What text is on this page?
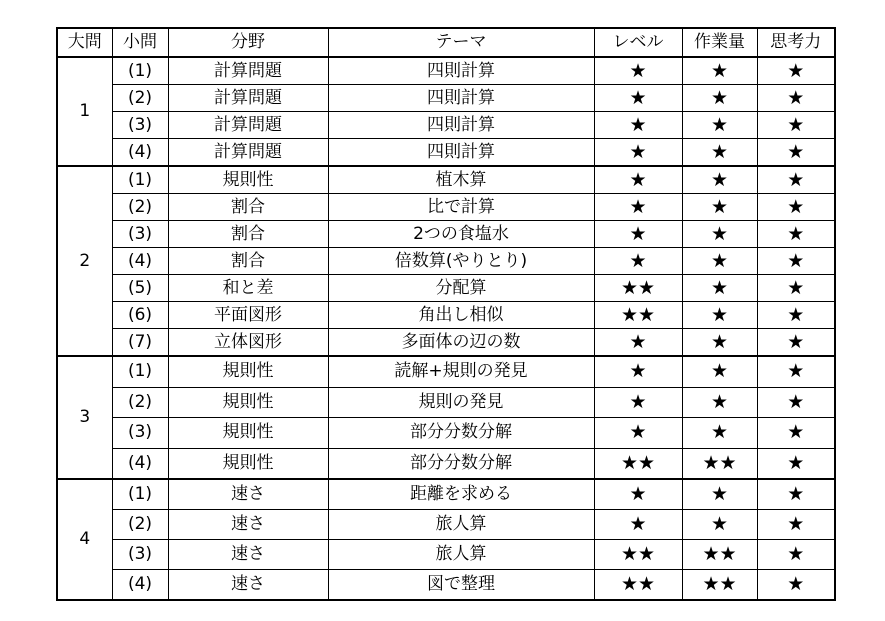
大問	小問	分野	テーマ	レベル	作業量	思考力
1	(1)	計算問題	四則計算	★	★	★
	(2)	計算問題	四則計算	★	★	★
	(3)	計算問題	四則計算	★	★	★
	(4)	計算問題	四則計算	★	★	★
2	(1)	規則性	植木算	★	★	★
	(2)	割合	比で計算	★	★	★
	(3)	割合	2つの食塩水	★	★	★
	(4)	割合	倍数算(やりとり)	★	★	★
	(5)	和と差	分配算	★★	★	★
	(6)	平面図形	角出し相似	★★	★	★
	(7)	立体図形	多面体の辺の数	★	★	★
3	(1)	規則性	読解+規則の発見	★	★	★
	(2)	規則性	規則の発見	★	★	★
	(3)	規則性	部分分数分解	★	★	★
	(4)	規則性	部分分数分解	★★	★★	★
4	(1)	速さ	距離を求める	★	★	★
	(2)	速さ	旅人算	★	★	★
	(3)	速さ	旅人算	★★	★★	★
	(4)	速さ	図で整理	★★	★★	★
